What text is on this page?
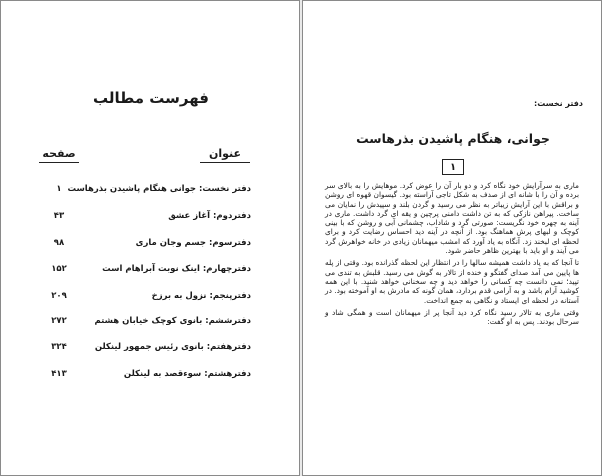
فهرست مطالب
عنوان
صفحه
دفتر نخست: جوانی هنگام پاشیدن بذرهاست
۱
دفتردوم: آغاز عشق
۴۳
دفترسوم: جسم وجان ماری
۹۸
دفترچهارم: اینک نوبت آبراهام است
۱۵۲
دفترپنجم: نزول به برزخ
۲۰۹
دفترششم: بانوی کوچک خیابان هشتم
۲۷۲
دفترهفتم: بانوی رئیس جمهور لینکلن
۳۲۴
دفترهشتم: سوءقصد به لینکلن
۴۱۳
دفتر نخست:
جوانی، هنگام پاشیدن بذرهاست
۱

ماری به سرآرایش خود نگاه کرد و دو بار آن را عوض کرد. موهایش را به بالای سر برده و آن را با شانه ای از صدف به شکل تاجی آراسته بود. گیسوان قهوه ای روشن و براقش با این آرایش زیباتر به نظر می رسید و گردن بلند و سپیدش را نمایان می ساخت. پیراهن نازکی که به تن داشت دامنی پرچین و یقه ای گرد داشت. ماری در آینه به چهره خود نگریست: صورتی گرد و شاداب، چشمانی آبی و روشن که با بینی کوچک و لبهای پرش هماهنگ بود. از آنچه در آینه دید احساس رضایت کرد و برای لحظه ای لبخند زد. آنگاه به یاد آورد که امشب میهمانان زیادی در خانه خواهرش گرد می آیند و او باید با بهترین ظاهر حاضر شود.

تا آنجا که به یاد داشت همیشه سالها را در انتظار این لحظه گذرانده بود. وقتی از پله ها پایین می آمد صدای گفتگو و خنده از تالار به گوش می رسید. قلبش به تندی می تپید؛ نمی دانست چه کسانی را خواهد دید و چه سخنانی خواهد شنید. با این همه کوشید آرام باشد و به آرامی قدم بردارد، همان گونه که مادرش به او آموخته بود. در آستانه در لحظه ای ایستاد و نگاهی به جمع انداخت.

وقتی ماری به تالار رسید نگاه کرد دید آنجا پر از میهمانان است و همگی شاد و سرحال بودند. پس به او گفت:
